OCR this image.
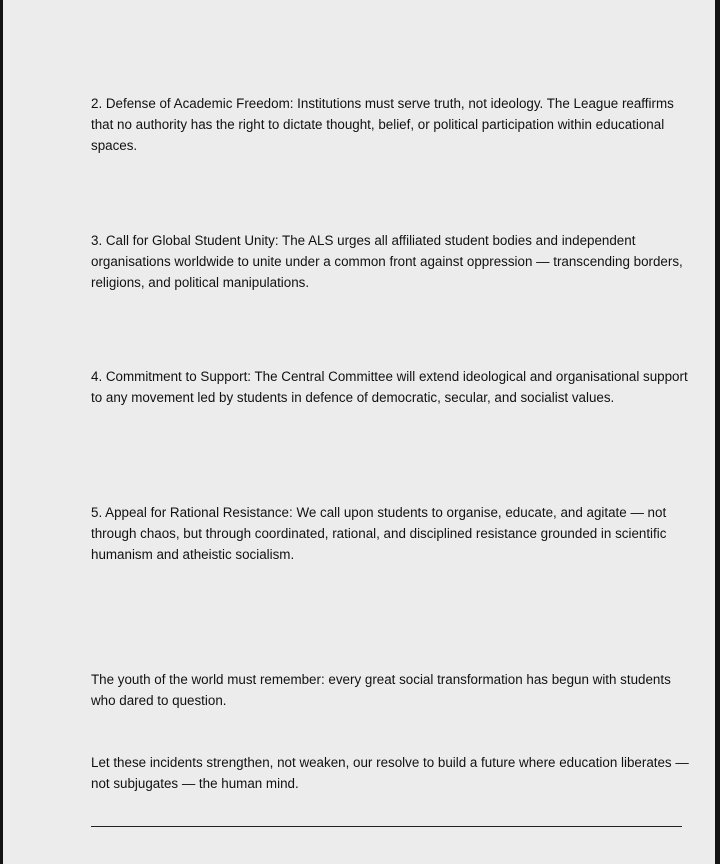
2. Defense of Academic Freedom: Institutions must serve truth, not ideology. The League reaffirms that no authority has the right to dictate thought, belief, or political participation within educational spaces.

3. Call for Global Student Unity: The ALS urges all affiliated student bodies and independent organisations worldwide to unite under a common front against oppression — transcending borders, religions, and political manipulations.

4. Commitment to Support: The Central Committee will extend ideological and organisational support to any movement led by students in defence of democratic, secular, and socialist values.

5. Appeal for Rational Resistance: We call upon students to organise, educate, and agitate — not through chaos, but through coordinated, rational, and disciplined resistance grounded in scientific humanism and atheistic socialism.

The youth of the world must remember: every great social transformation has begun with students who dared to question.

Let these incidents strengthen, not weaken, our resolve to build a future where education liberates — not subjugates — the human mind.
